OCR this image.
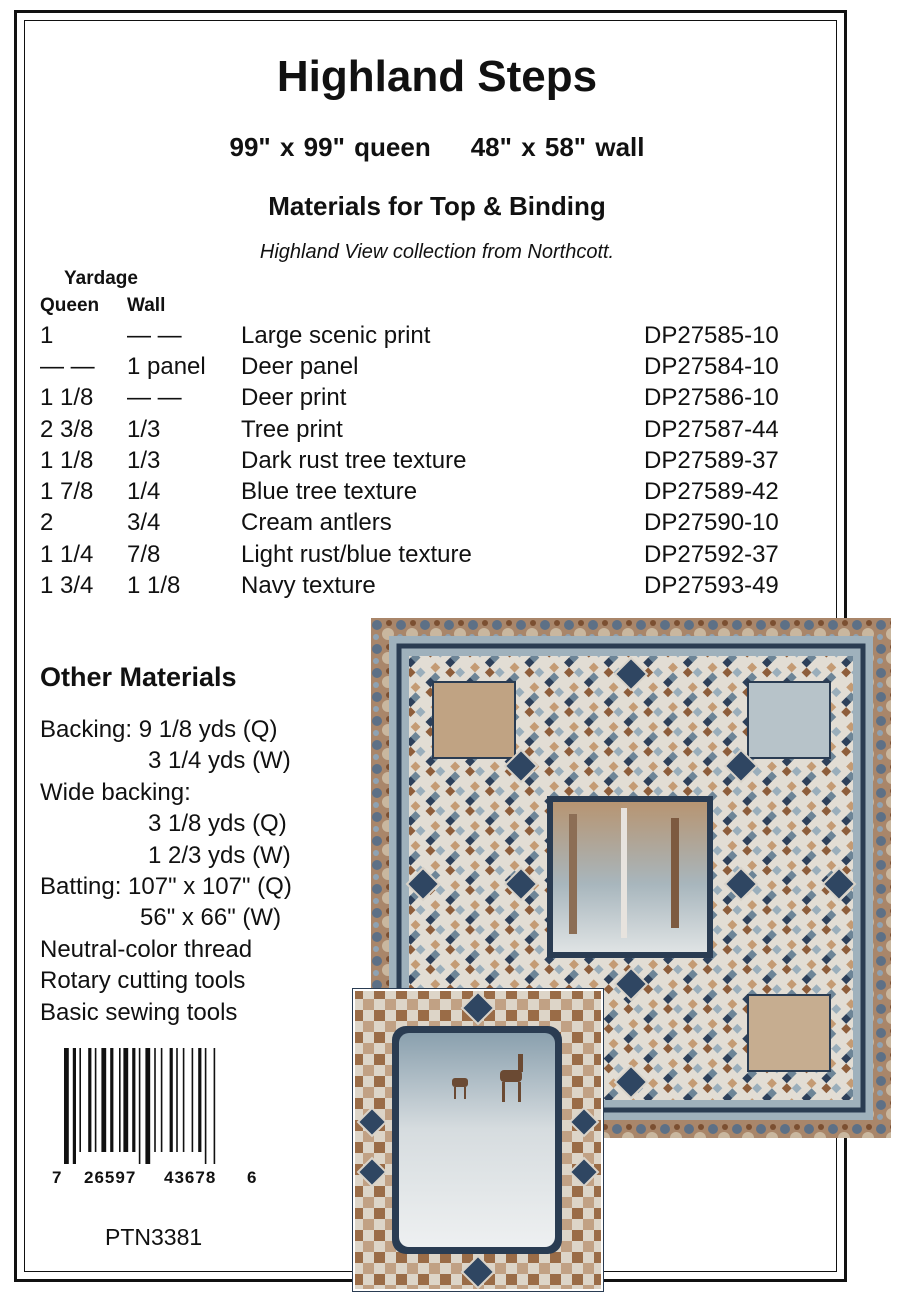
Highland Steps
99" x 99" queen 48" x 58" wall
Materials for Top & Binding
Highland View collection from Northcott.
Yardage
Queen Wall
1	— —	Large scenic print	DP27585-10
— —	1 panel	Deer panel	DP27584-10
1 1/8	— —	Deer print	DP27586-10
2 3/8	1/3	Tree print	DP27587-44
1 1/8	1/3	Dark rust tree texture	DP27589-37
1 7/8	1/4	Blue tree texture	DP27589-42
2	3/4	Cream antlers	DP27590-10
1 1/4	7/8	Light rust/blue texture	DP27592-37
1 3/4	1 1/8	Navy texture	DP27593-49
Other Materials
Backing: 9 1/8 yds (Q)
3 1/4 yds (W)
Wide backing:
3 1/8 yds (Q)
1 2/3 yds (W)
Batting: 107" x 107" (Q)
56" x 66" (W)
Neutral-color thread
Rotary cutting tools
Basic sewing tools
7 26597 43678 6
PTN3381
